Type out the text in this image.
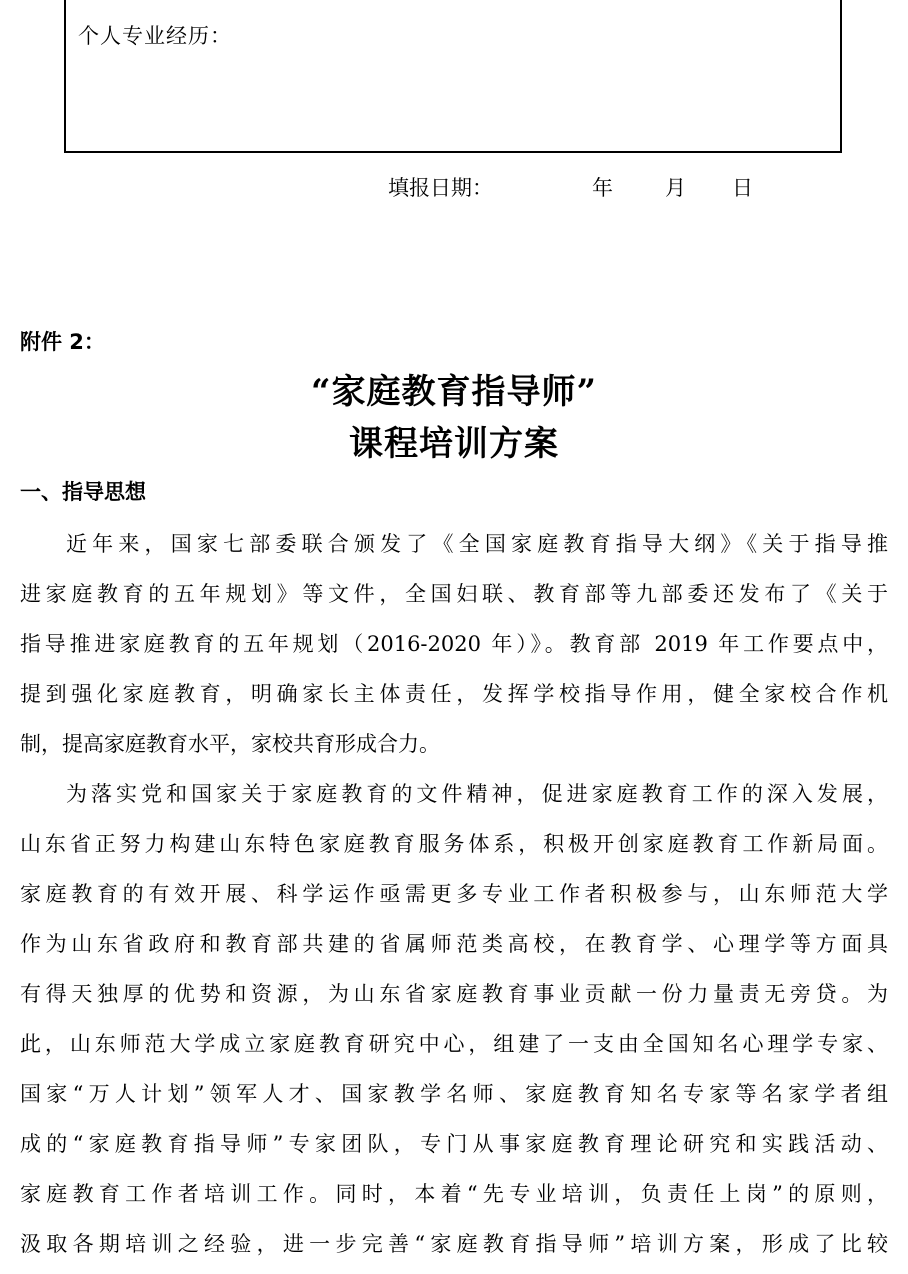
个人专业经历：
填报日期：	年 月 日
附件 2：
“家庭教育指导师”
课程培训方案
一、指导思想
近年来，国家七部委联合颁发了《全国家庭教育指导大纲》《关于指导推
进家庭教育的五年规划》等文件，全国妇联、教育部等九部委还发布了《关于
指导推进家庭教育的五年规划（2016-2020 年）》。教育部 2019 年工作要点中，
提到强化家庭教育，明确家长主体责任，发挥学校指导作用，健全家校合作机
制，提高家庭教育水平，家校共育形成合力。
为落实党和国家关于家庭教育的文件精神，促进家庭教育工作的深入发展，
山东省正努力构建山东特色家庭教育服务体系，积极开创家庭教育工作新局面。
家庭教育的有效开展、科学运作亟需更多专业工作者积极参与，山东师范大学
作为山东省政府和教育部共建的省属师范类高校，在教育学、心理学等方面具
有得天独厚的优势和资源，为山东省家庭教育事业贡献一份力量责无旁贷。为
此，山东师范大学成立家庭教育研究中心，组建了一支由全国知名心理学专家、
国家“万人计划”领军人才、国家教学名师、家庭教育知名专家等名家学者组
成的“家庭教育指导师”专家团队，专门从事家庭教育理论研究和实践活动、
家庭教育工作者培训工作。同时，本着“先专业培训，负责任上岗”的原则，
汲取各期培训之经验，进一步完善“家庭教育指导师”培训方案，形成了比较
